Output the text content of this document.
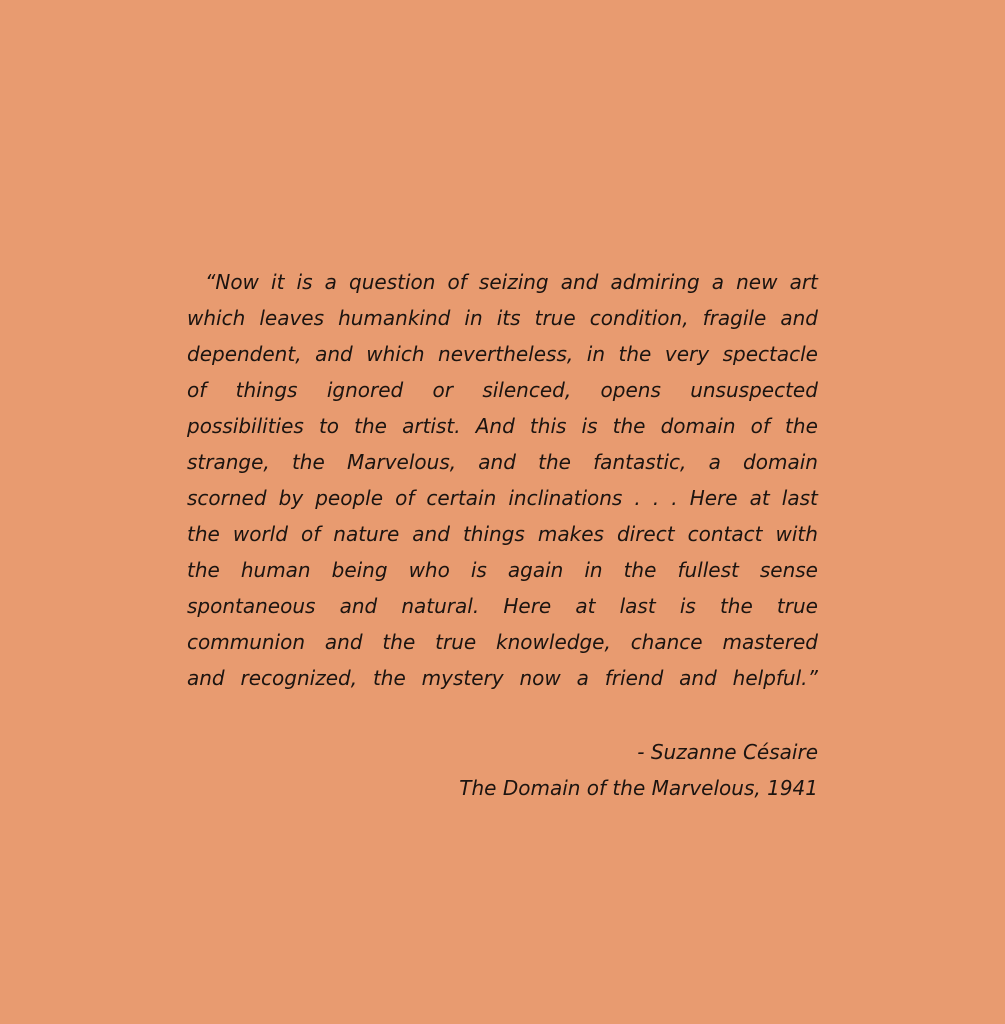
“Now it is a question of seizing and admiring a new art
which leaves humankind in its true condition, fragile and
dependent, and which nevertheless, in the very spectacle
of things ignored or silenced, opens unsuspected
possibilities to the artist. And this is the domain of the
strange, the Marvelous, and the fantastic, a domain
scorned by people of certain inclinations . . . Here at last
the world of nature and things makes direct contact with
the human being who is again in the fullest sense
spontaneous and natural. Here at last is the true
communion and the true knowledge, chance mastered
and recognized, the mystery now a friend and helpful.”
- Suzanne Césaire
The Domain of the Marvelous, 1941
